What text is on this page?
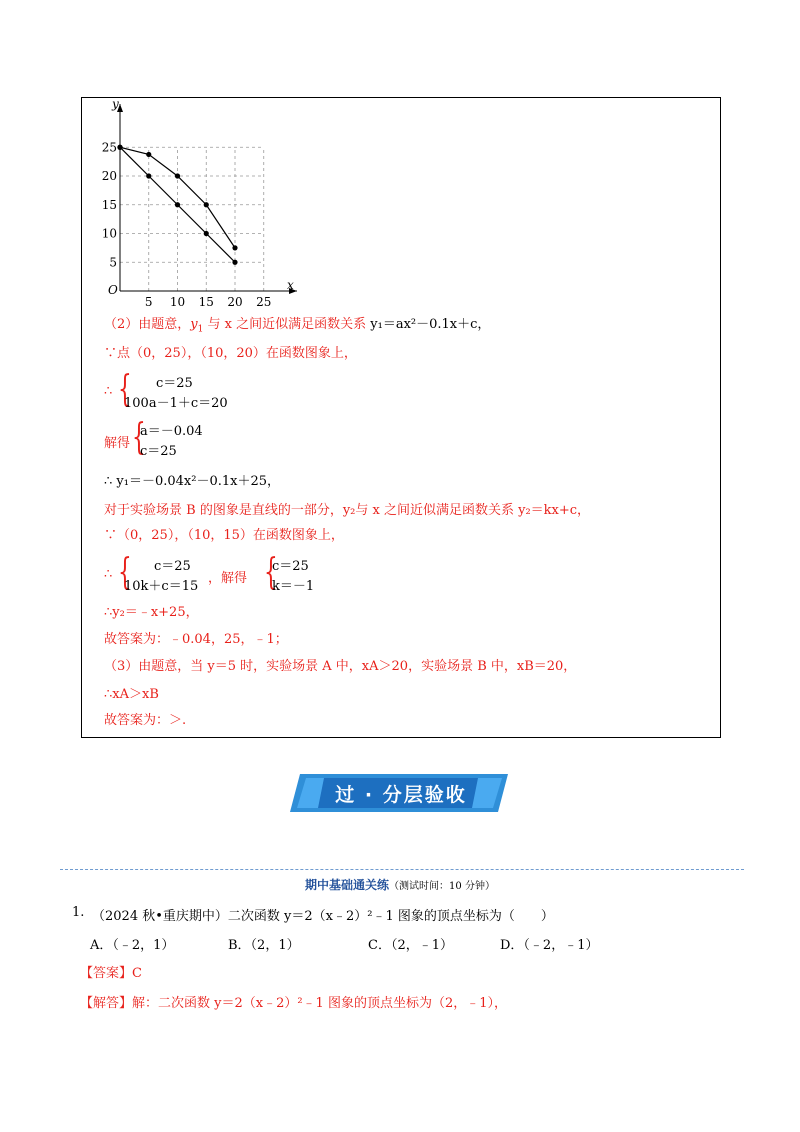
y
x
O
25
20
15
10
5
5 10 15 20 25
（2）由题意，$y_1$ 与 x 之间近似满足函数关系 y₁＝ax²－0.1x＋c，
∵点（0，25），（10，20）在函数图象上，
∴ { c＝25
100a－1＋c＝20
解得 {
a＝－0.04
c＝25
∴ y₁＝－0.04x²－0.1x＋25，
对于实验场景 B 的图象是直线的一部分，y₂与 x 之间近似满足函数关系 y₂＝kx+c，
∵（0，25），（10，15）在函数图象上，
∴ { c＝25
10k＋c＝15
，解得 {
c＝25
k＝－1
∴y₂＝﹣x+25，
故答案为：﹣0.04，25，﹣1；
（3）由题意，当 y＝5 时，实验场景 A 中，xA＞20，实验场景 B 中，xB＝20，
∴xA＞xB
故答案为：＞.
过 · 分层验收
期中基础通关练（测试时间：10 分钟）
1. （2024 秋•重庆期中）二次函数 y＝2（x﹣2）²﹣1 图象的顶点坐标为（　　）
A．（﹣2，1）	B．（2，1）	C．（2，﹣1）	D．（﹣2，﹣1）
【答案】C
【解答】解：二次函数 y＝2（x﹣2）²﹣1 图象的顶点坐标为（2，﹣1），
